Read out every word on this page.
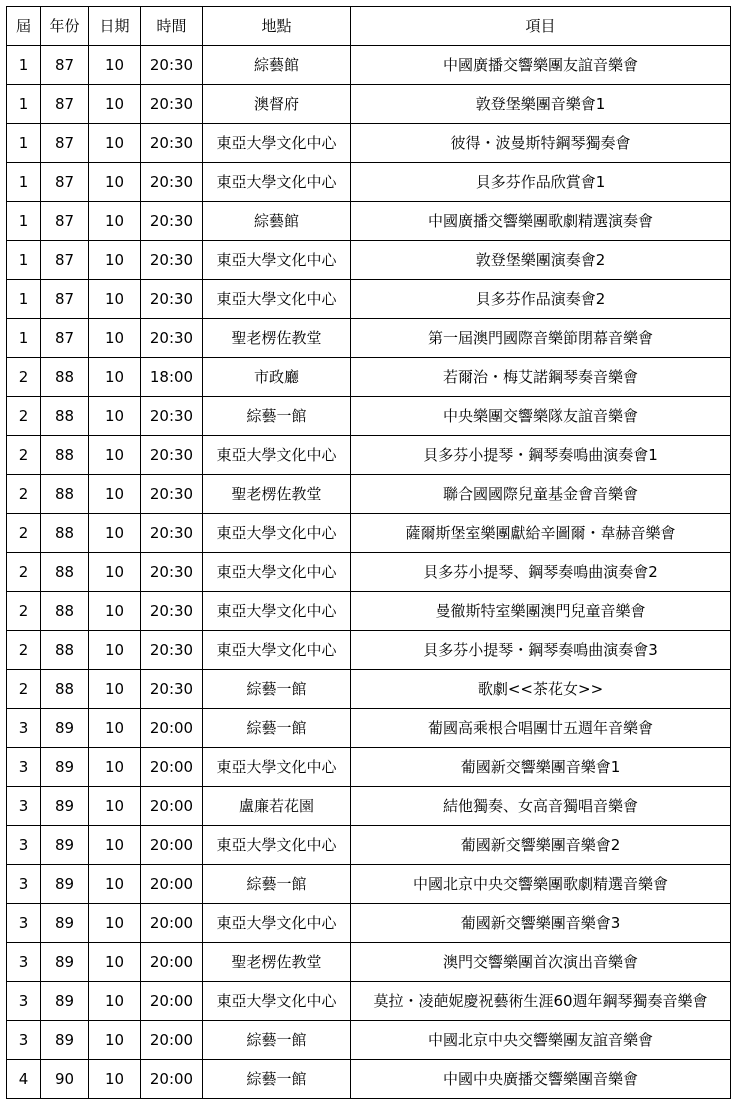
屆	年份	日期	時間	地點	項目
1	87	10	20:30	綜藝館	中國廣播交響樂團友誼音樂會
1	87	10	20:30	澳督府	敦登堡樂團音樂會1
1	87	10	20:30	東亞大學文化中心	彼得・波曼斯特鋼琴獨奏會
1	87	10	20:30	東亞大學文化中心	貝多芬作品欣賞會1
1	87	10	20:30	綜藝館	中國廣播交響樂團歌劇精選演奏會
1	87	10	20:30	東亞大學文化中心	敦登堡樂團演奏會2
1	87	10	20:30	東亞大學文化中心	貝多芬作品演奏會2
1	87	10	20:30	聖老楞佐教堂	第一屆澳門國際音樂節閉幕音樂會
2	88	10	18:00	市政廳	若爾治・梅艾諾鋼琴奏音樂會
2	88	10	20:30	綜藝一館	中央樂團交響樂隊友誼音樂會
2	88	10	20:30	東亞大學文化中心	貝多芬小提琴・鋼琴奏鳴曲演奏會1
2	88	10	20:30	聖老楞佐教堂	聯合國國際兒童基金會音樂會
2	88	10	20:30	東亞大學文化中心	薩爾斯堡室樂團獻給辛圖爾・韋赫音樂會
2	88	10	20:30	東亞大學文化中心	貝多芬小提琴、鋼琴奏鳴曲演奏會2
2	88	10	20:30	東亞大學文化中心	曼徹斯特室樂團澳門兒童音樂會
2	88	10	20:30	東亞大學文化中心	貝多芬小提琴・鋼琴奏鳴曲演奏會3
2	88	10	20:30	綜藝一館	歌劇<<茶花女>>
3	89	10	20:00	綜藝一館	葡國高乘根合唱團廿五週年音樂會
3	89	10	20:00	東亞大學文化中心	葡國新交響樂團音樂會1
3	89	10	20:00	盧廉若花園	結他獨奏、女高音獨唱音樂會
3	89	10	20:00	東亞大學文化中心	葡國新交響樂團音樂會2
3	89	10	20:00	綜藝一館	中國北京中央交響樂團歌劇精選音樂會
3	89	10	20:00	東亞大學文化中心	葡國新交響樂團音樂會3
3	89	10	20:00	聖老楞佐教堂	澳門交響樂團首次演出音樂會
3	89	10	20:00	東亞大學文化中心	莫拉・凌葩妮慶祝藝術生涯60週年鋼琴獨奏音樂會
3	89	10	20:00	綜藝一館	中國北京中央交響樂團友誼音樂會
4	90	10	20:00	綜藝一館	中國中央廣播交響樂團音樂會
